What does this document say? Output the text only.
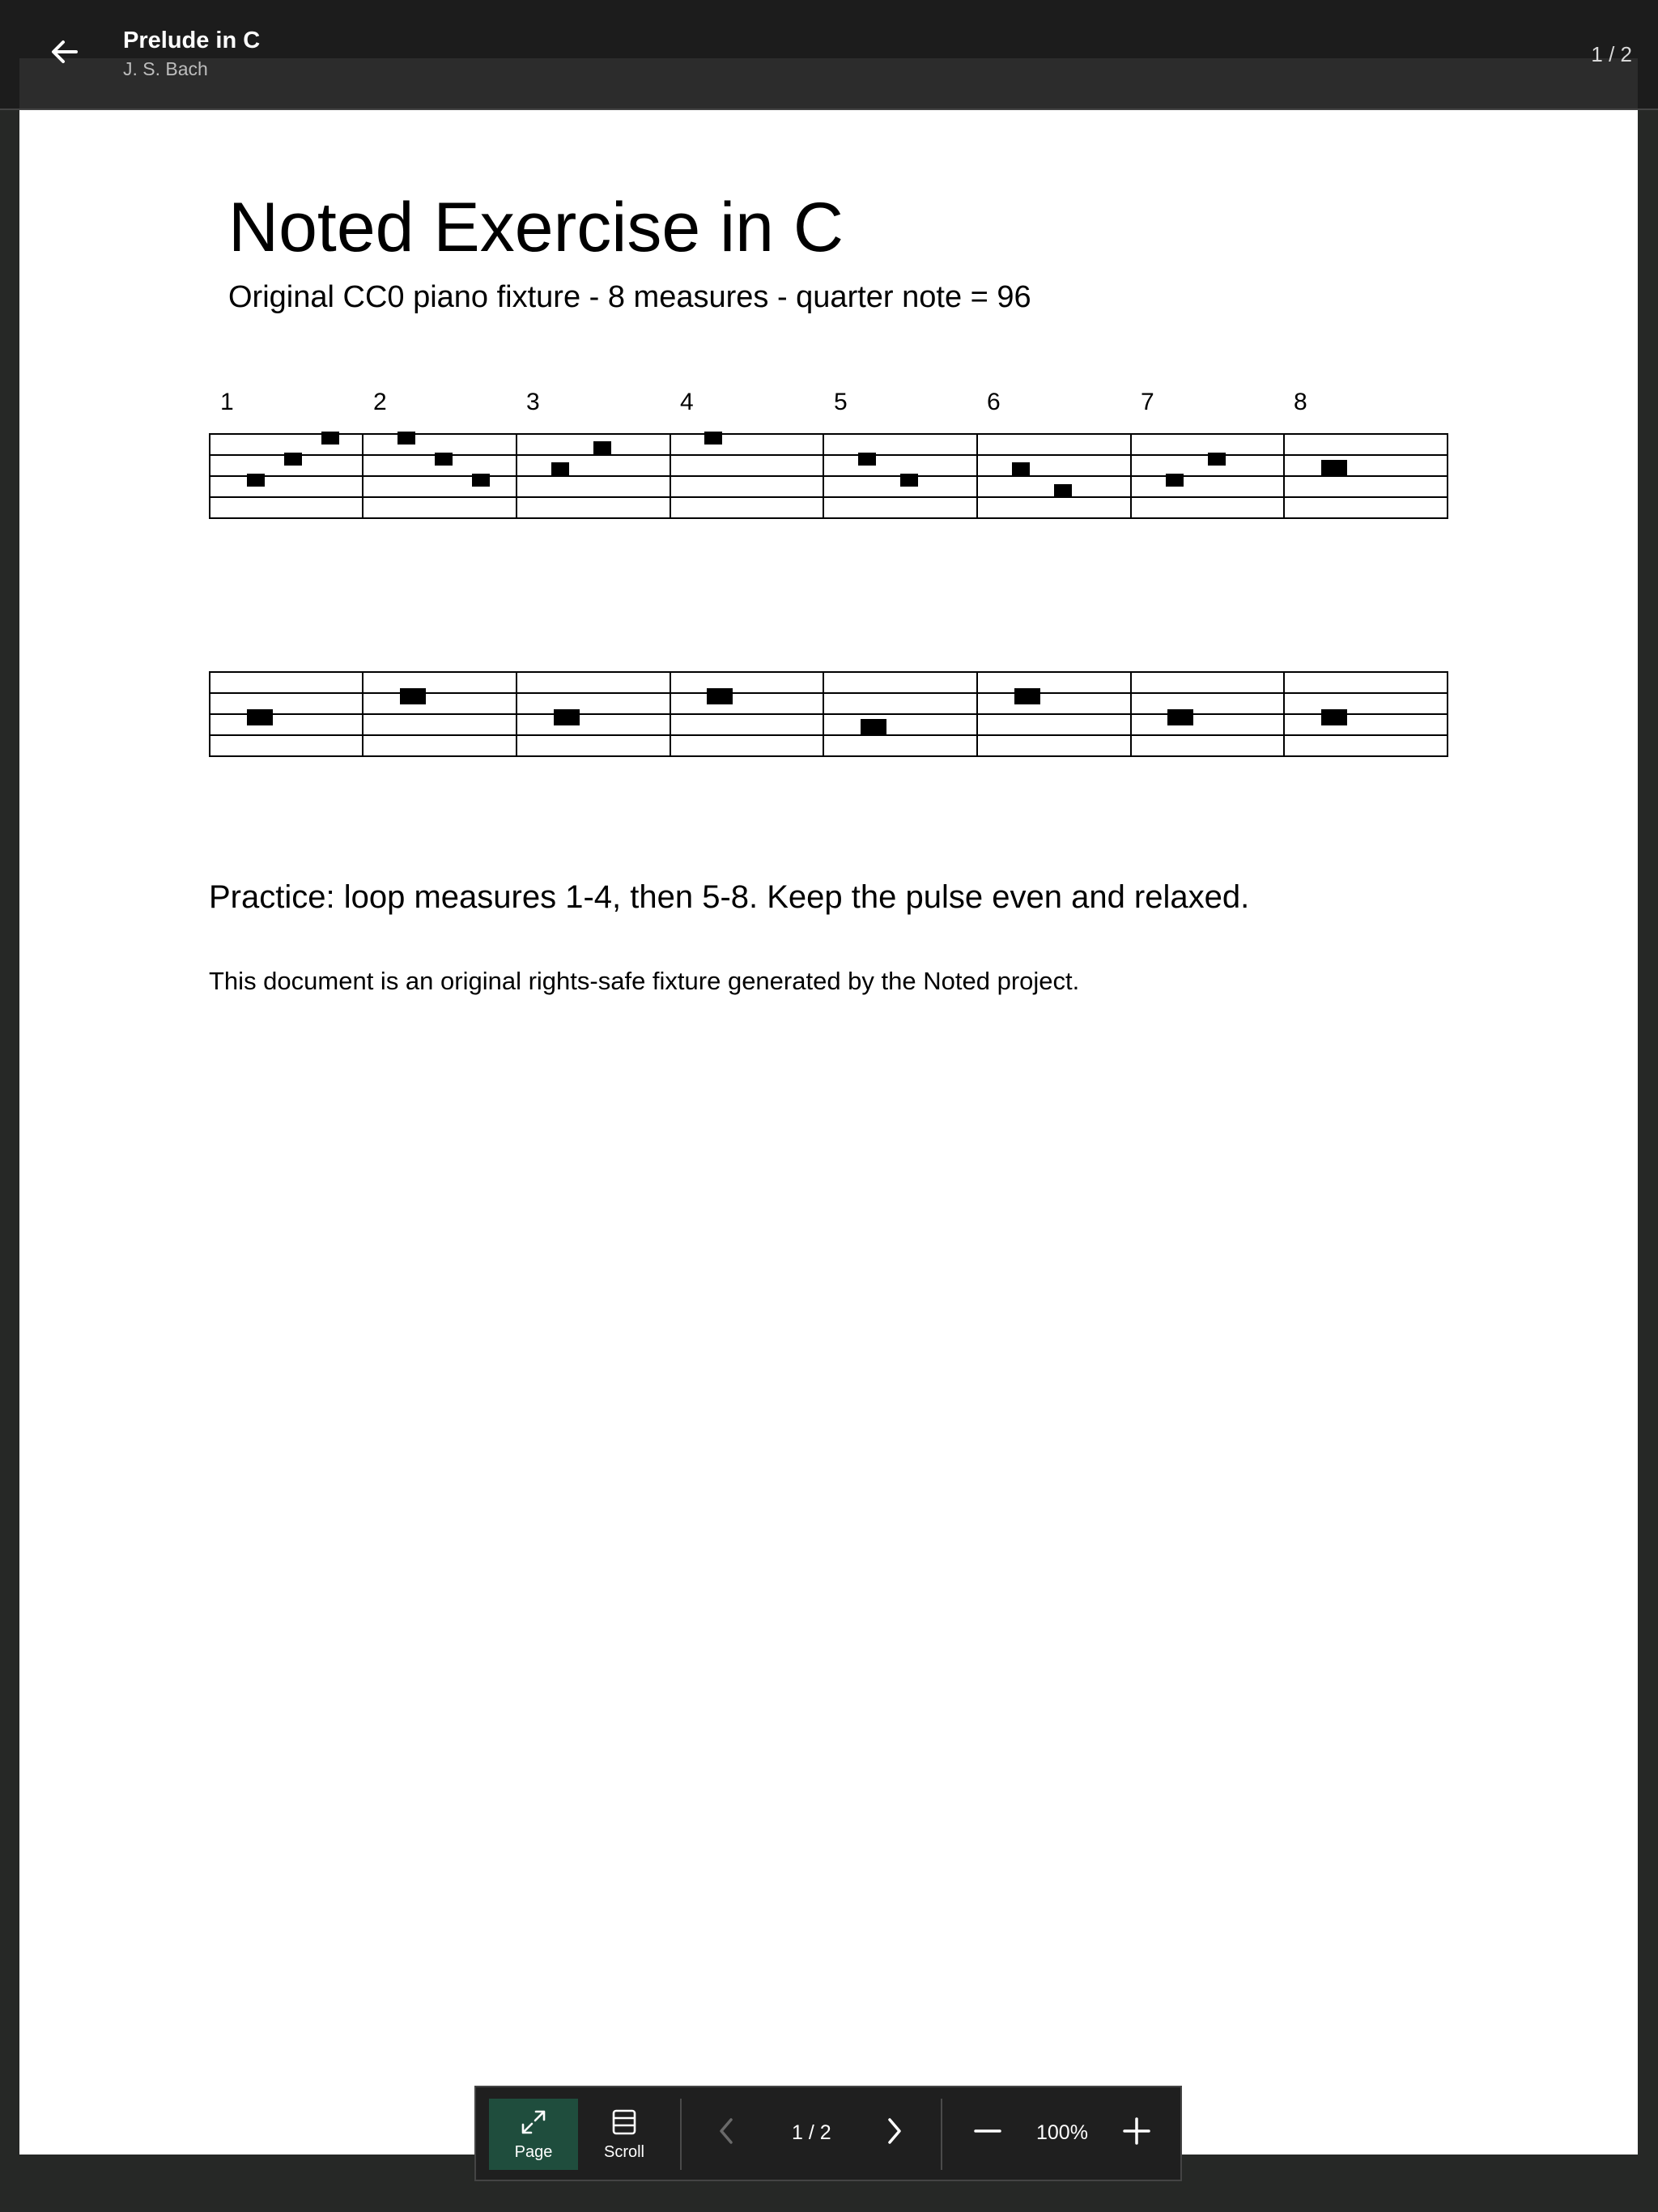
Noted Exercise in C
Original CC0 piano fixture - 8 measures - quarter note = 96
1	2	3	4	5	6	7	8
Practice: loop measures 1-4, then 5-8. Keep the pulse even and relaxed.
This document is an original rights-safe fixture generated by the Noted project.
Prelude in C
J. S. Bach
1 / 2
Page	Scroll
1 / 2	100%
